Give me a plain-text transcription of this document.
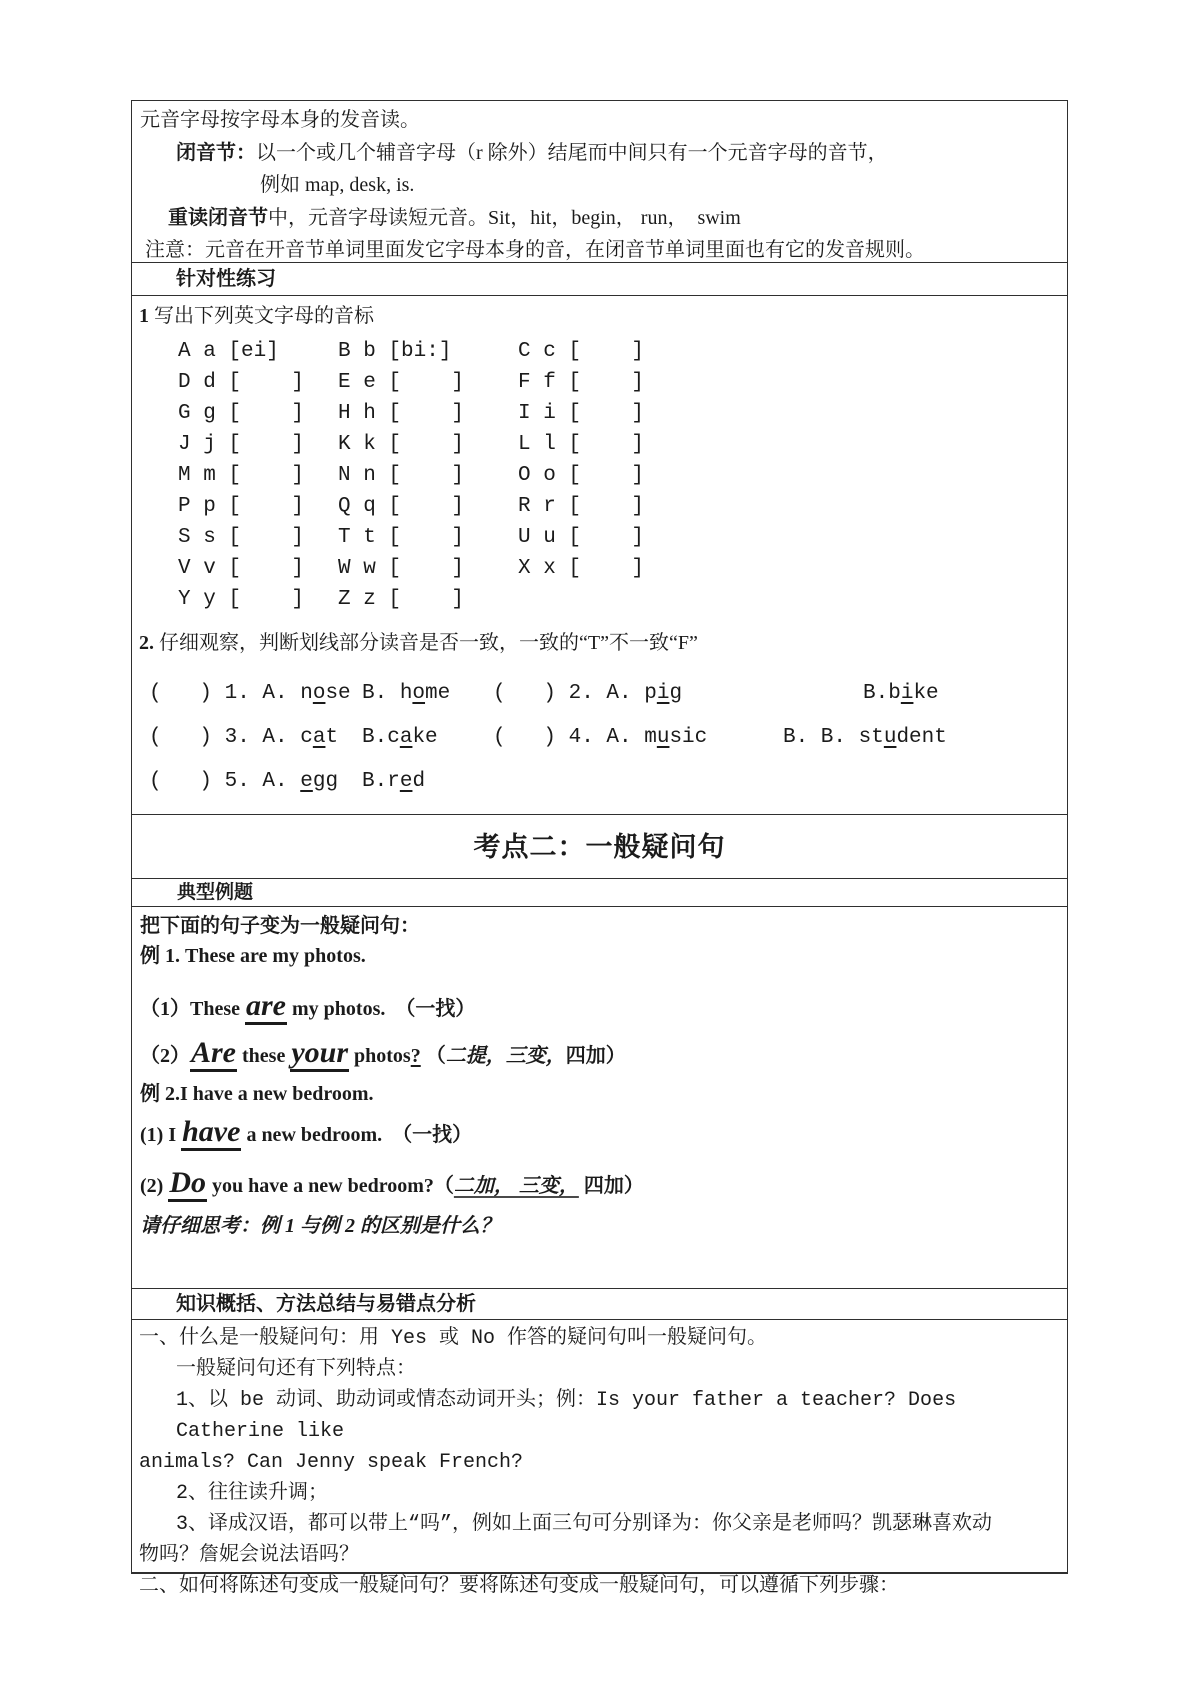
元音字母按字母本身的发音读。
闭音节：以一个或几个辅音字母（r 除外）结尾而中间只有一个元音字母的音节，
例如 map, desk, is.
重读闭音节中，元音字母读短元音。Sit，hit，begin， run，  swim
注意：元音在开音节单词里面发它字母本身的音，在闭音节单词里面也有它的发音规则。
针对性练习
1 写出下列英文字母的音标
A a [ei]	B b [bi:]	C c [    ]
D d [    ]	E e [    ]	F f [    ]
G g [    ]	H h [    ]	I i [    ]
J j [    ]	K k [    ]	L l [    ]
M m [    ]	N n [    ]	O o [    ]
P p [    ]	Q q [    ]	R r [    ]
S s [    ]	T t [    ]	U u [    ]
V v [    ]	W w [    ]	X x [    ]
Y y [    ]	Z z [    ]
2. 仔细观察，判断划线部分读音是否一致，一致的“T”不一致“F”
(   ) 1. A. nose B. home	(   ) 2. A. pig	B.bike
(   ) 3. A. cat	B.cake	(   ) 4. A. music	B. B. student
(   ) 5. A. egg	B.red
考点二：一般疑问句
典型例题
把下面的句子变为一般疑问句：
例 1. These are my photos.
（1）These are my photos.  （一找）
（2）Are these your photos? （二提，三变，四加）
例 2.I have a new bedroom.
(1) I have a new bedroom.  （一找）
(2) Do you have a new bedroom?（二加， 三变， 四加）
请仔细思考：例 1 与例 2 的区别是什么？
知识概括、方法总结与易错点分析
一、什么是一般疑问句：用 Yes 或 No 作答的疑问句叫一般疑问句。
一般疑问句还有下列特点：
1、以 be 动词、助动词或情态动词开头；例：Is your father a teacher? Does Catherine like
animals? Can Jenny speak French?
2、往往读升调；
3、译成汉语，都可以带上“吗”，例如上面三句可分别译为：你父亲是老师吗？凯瑟琳喜欢动
物吗？詹妮会说法语吗？
二、如何将陈述句变成一般疑问句？要将陈述句变成一般疑问句，可以遵循下列步骤：
